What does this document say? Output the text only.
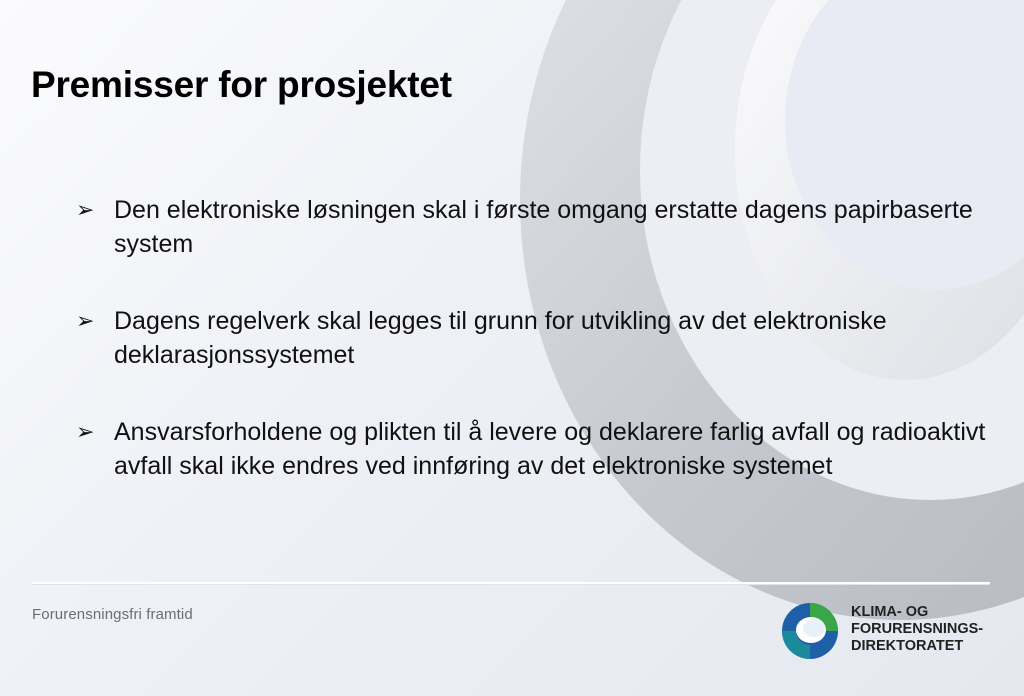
Premisser for prosjektet
➢ Den elektroniske løsningen skal i første omgang erstatte dagens papirbaserte system
➢ Dagens regelverk skal legges til grunn for utvikling av det elektroniske deklarasjonssystemet
➢ Ansvarsforholdene og plikten til å levere og deklarere farlig avfall og radioaktivt avfall skal ikke endres ved innføring av det elektroniske systemet
Forurensningsfri framtid	KLIMA- OG
FORURENSNINGS-
DIREKTORATET
